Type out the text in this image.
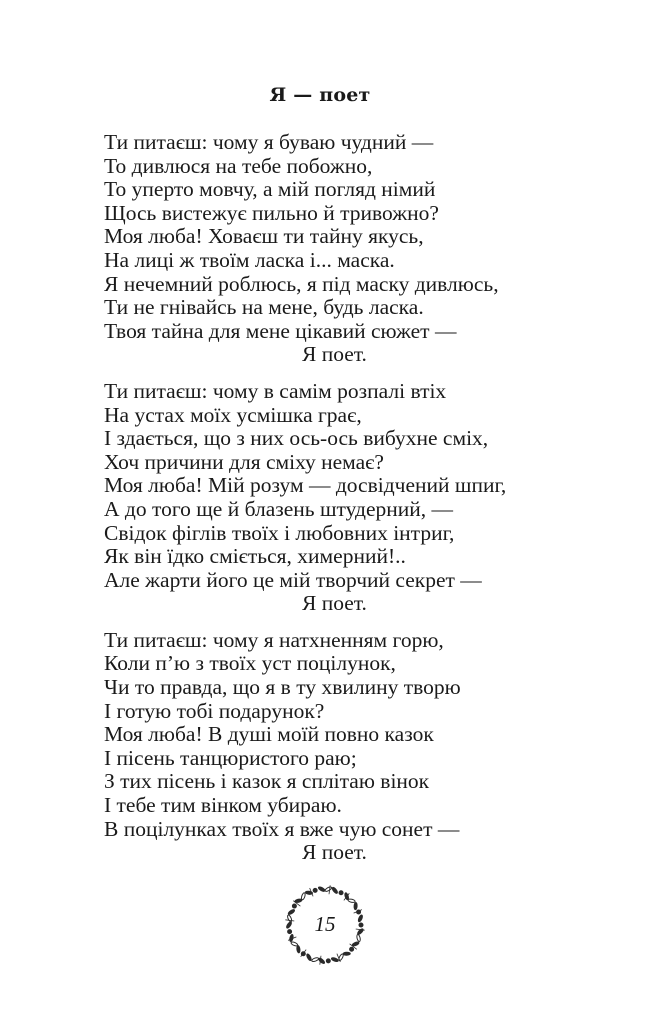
Я — поет
Ти питаєш: чому я буваю чудний —
То дивлюся на тебе побожно,
То уперто мовчу, а мій погляд німий
Щось вистежує пильно й тривожно?
Моя люба! Ховаєш ти тайну якусь,
На лиці ж твоїм ласка і... маска.
Я нечемний роблюсь, я під маску дивлюсь,
Ти не гнівайсь на мене, будь ласка.
Твоя тайна для мене цікавий сюжет —
Я поет.
Ти питаєш: чому в самім розпалі втіх
На устах моїх усмішка грає,
І здається, що з них ось-ось вибухне сміх,
Хоч причини для сміху немає?
Моя люба! Мій розум — досвідчений шпиг,
А до того ще й блазень штудерний, —
Свідок фіглів твоїх і любовних інтриг,
Як він їдко сміється, химерний!..
Але жарти його це мій творчий секрет —
Я поет.
Ти питаєш: чому я натхненням горю,
Коли п’ю з твоїх уст поцілунок,
Чи то правда, що я в ту хвилину творю
І готую тобі подарунок?
Моя люба! В душі моїй повно казок
І пісень танцюристого раю;
З тих пісень і казок я сплітаю вінок
І тебе тим вінком убираю.
В поцілунках твоїх я вже чую сонет —
Я поет.
15
